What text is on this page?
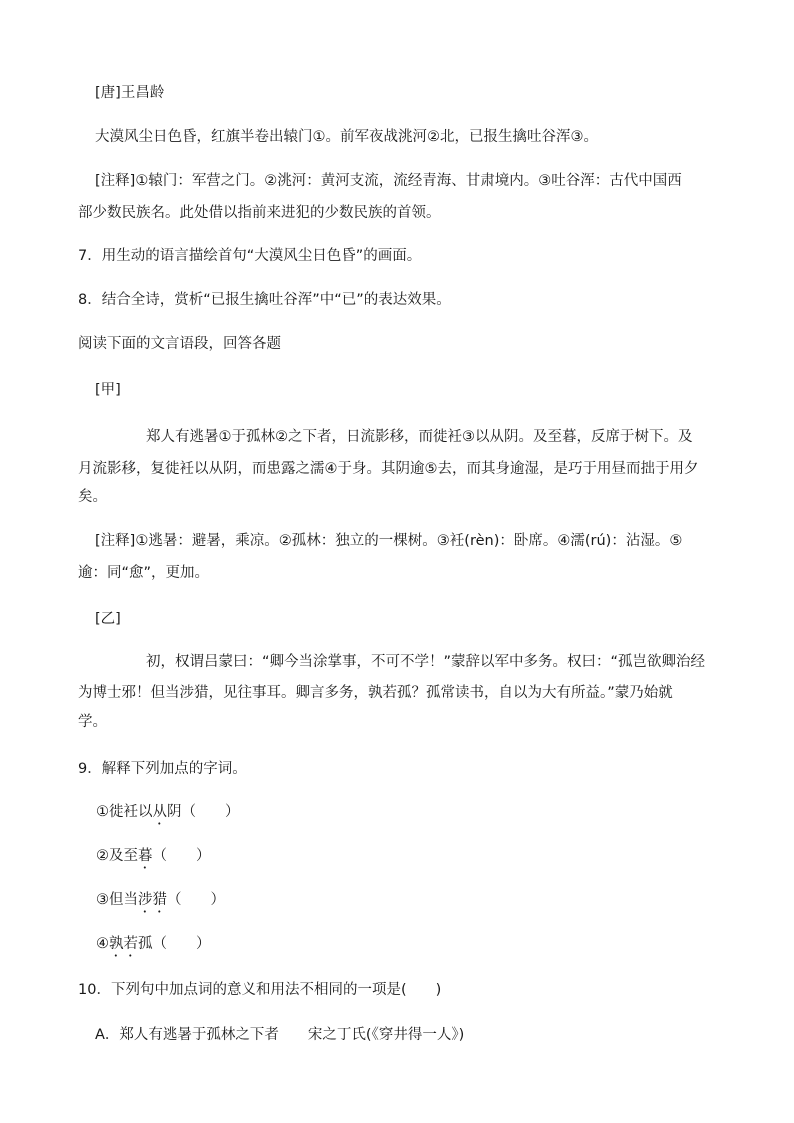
[唐]王昌龄
大漠风尘日色昏，红旗半卷出辕门①。前军夜战洮河②北，已报生擒吐谷浑③。
[注释]①辕门：军营之门。②洮河：黄河支流，流经青海、甘肃境内。③吐谷浑：古代中国西
部少数民族名。此处借以指前来进犯的少数民族的首领。
7．用生动的语言描绘首句“大漠风尘日色昏”的画面。
8．结合全诗，赏析“已报生擒吐谷浑”中“已”的表达效果。
阅读下面的文言语段，回答各题
[甲]
郑人有逃暑①于孤林②之下者，日流影移，而徙衽③以从阴。及至暮，反席于树下。及
月流影移，复徙衽以从阴，而患露之濡④于身。其阴逾⑤去，而其身逾湿，是巧于用昼而拙于用夕
矣。
[注释]①逃暑：避暑，乘凉。②孤林：独立的一棵树。③衽(rèn)：卧席。④濡(rú)：沾湿。⑤
逾：同“愈”，更加。
[乙]
初，权谓吕蒙曰：“卿今当涂掌事，不可不学！”蒙辞以军中多务。权曰：“孤岂欲卿治经
为博士邪！但当涉猎，见往事耳。卿言多务，孰若孤？孤常读书，自以为大有所益。”蒙乃始就
学。
9．解释下列加点的字词。
①徙衽以从阴（　　）
②及至暮（　　）
③但当涉猎（　　）
④孰若孤（　　）
10．下列句中加点词的意义和用法不相同的一项是(　　)
A．郑人有逃暑于孤林之下者　　宋之丁氏(《穿井得一人》)
